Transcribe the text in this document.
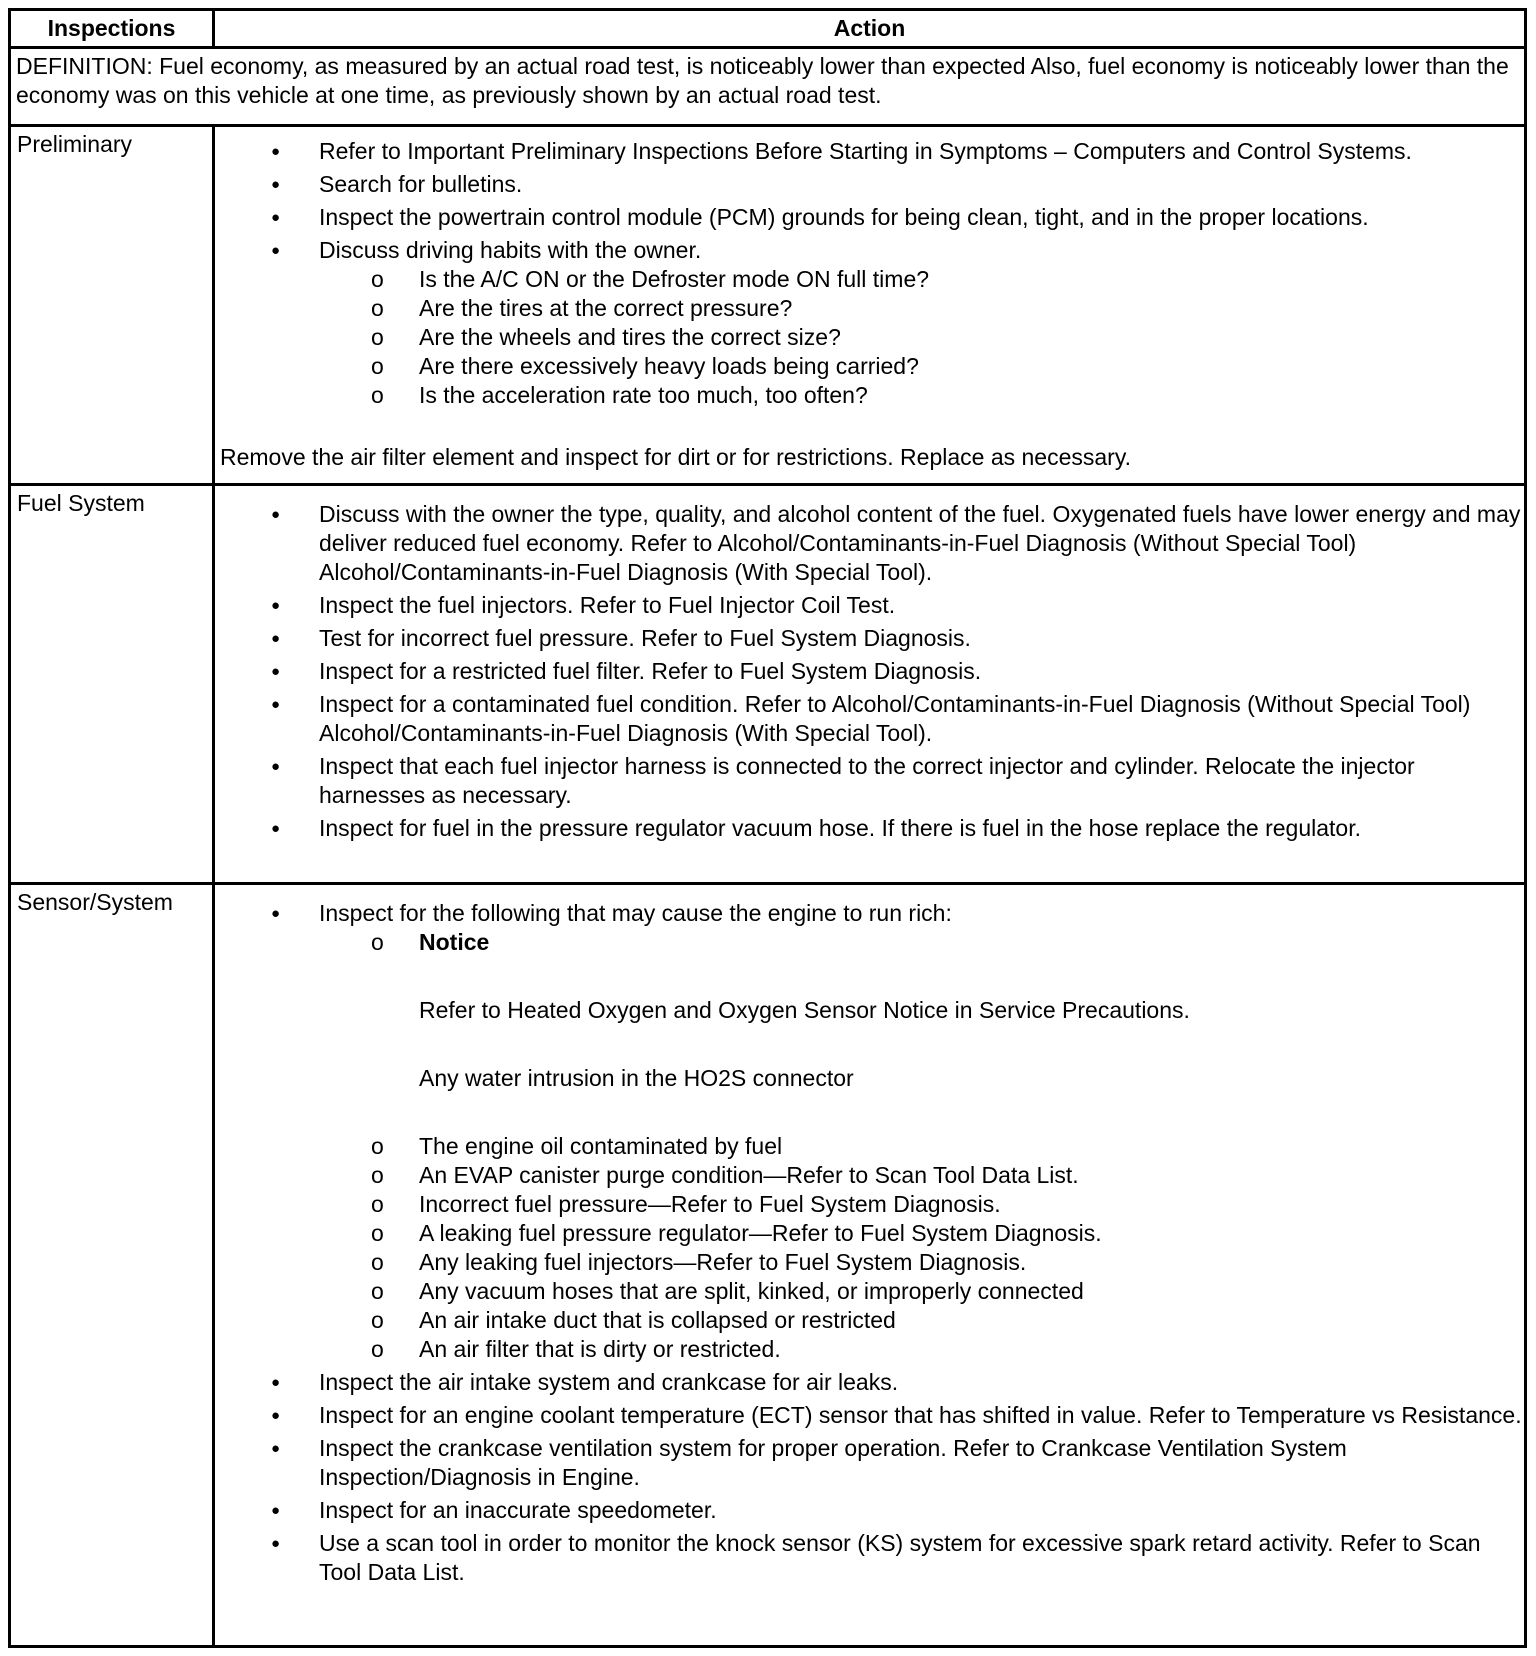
Inspections	Action
DEFINITION: Fuel economy, as measured by an actual road test, is noticeably lower than expected Also, fuel economy is noticeably lower than the economy was on this vehicle at one time, as previously shown by an actual road test.
Preliminary	● Refer to Important Preliminary Inspections Before Starting in Symptoms – Computers and Control Systems.
● Search for bulletins.
● Inspect the powertrain control module (PCM) grounds for being clean, tight, and in the proper locations.
● Discuss driving habits with the owner.
o Is the A/C ON or the Defroster mode ON full time?
o Are the tires at the correct pressure?
o Are the wheels and tires the correct size?
o Are there excessively heavy loads being carried?
o Is the acceleration rate too much, too often?
Remove the air filter element and inspect for dirt or for restrictions. Replace as necessary.
Fuel System	● Discuss with the owner the type, quality, and alcohol content of the fuel. Oxygenated fuels have lower energy and may deliver reduced fuel economy. Refer to Alcohol/Contaminants-in-Fuel Diagnosis (Without Special Tool) Alcohol/Contaminants-in-Fuel Diagnosis (With Special Tool).
● Inspect the fuel injectors. Refer to Fuel Injector Coil Test.
● Test for incorrect fuel pressure. Refer to Fuel System Diagnosis.
● Inspect for a restricted fuel filter. Refer to Fuel System Diagnosis.
● Inspect for a contaminated fuel condition. Refer to Alcohol/Contaminants-in-Fuel Diagnosis (Without Special Tool) Alcohol/Contaminants-in-Fuel Diagnosis (With Special Tool).
● Inspect that each fuel injector harness is connected to the correct injector and cylinder. Relocate the injector harnesses as necessary.
● Inspect for fuel in the pressure regulator vacuum hose. If there is fuel in the hose replace the regulator.
Sensor/System	● Inspect for the following that may cause the engine to run rich:
o Notice
Refer to Heated Oxygen and Oxygen Sensor Notice in Service Precautions.
Any water intrusion in the HO2S connector
o The engine oil contaminated by fuel
o An EVAP canister purge condition—Refer to Scan Tool Data List.
o Incorrect fuel pressure—Refer to Fuel System Diagnosis.
o A leaking fuel pressure regulator—Refer to Fuel System Diagnosis.
o Any leaking fuel injectors—Refer to Fuel System Diagnosis.
o Any vacuum hoses that are split, kinked, or improperly connected
o An air intake duct that is collapsed or restricted
o An air filter that is dirty or restricted.
● Inspect the air intake system and crankcase for air leaks.
● Inspect for an engine coolant temperature (ECT) sensor that has shifted in value. Refer to Temperature vs Resistance.
● Inspect the crankcase ventilation system for proper operation. Refer to Crankcase Ventilation System Inspection/Diagnosis in Engine.
● Inspect for an inaccurate speedometer.
● Use a scan tool in order to monitor the knock sensor (KS) system for excessive spark retard activity. Refer to Scan Tool Data List.
